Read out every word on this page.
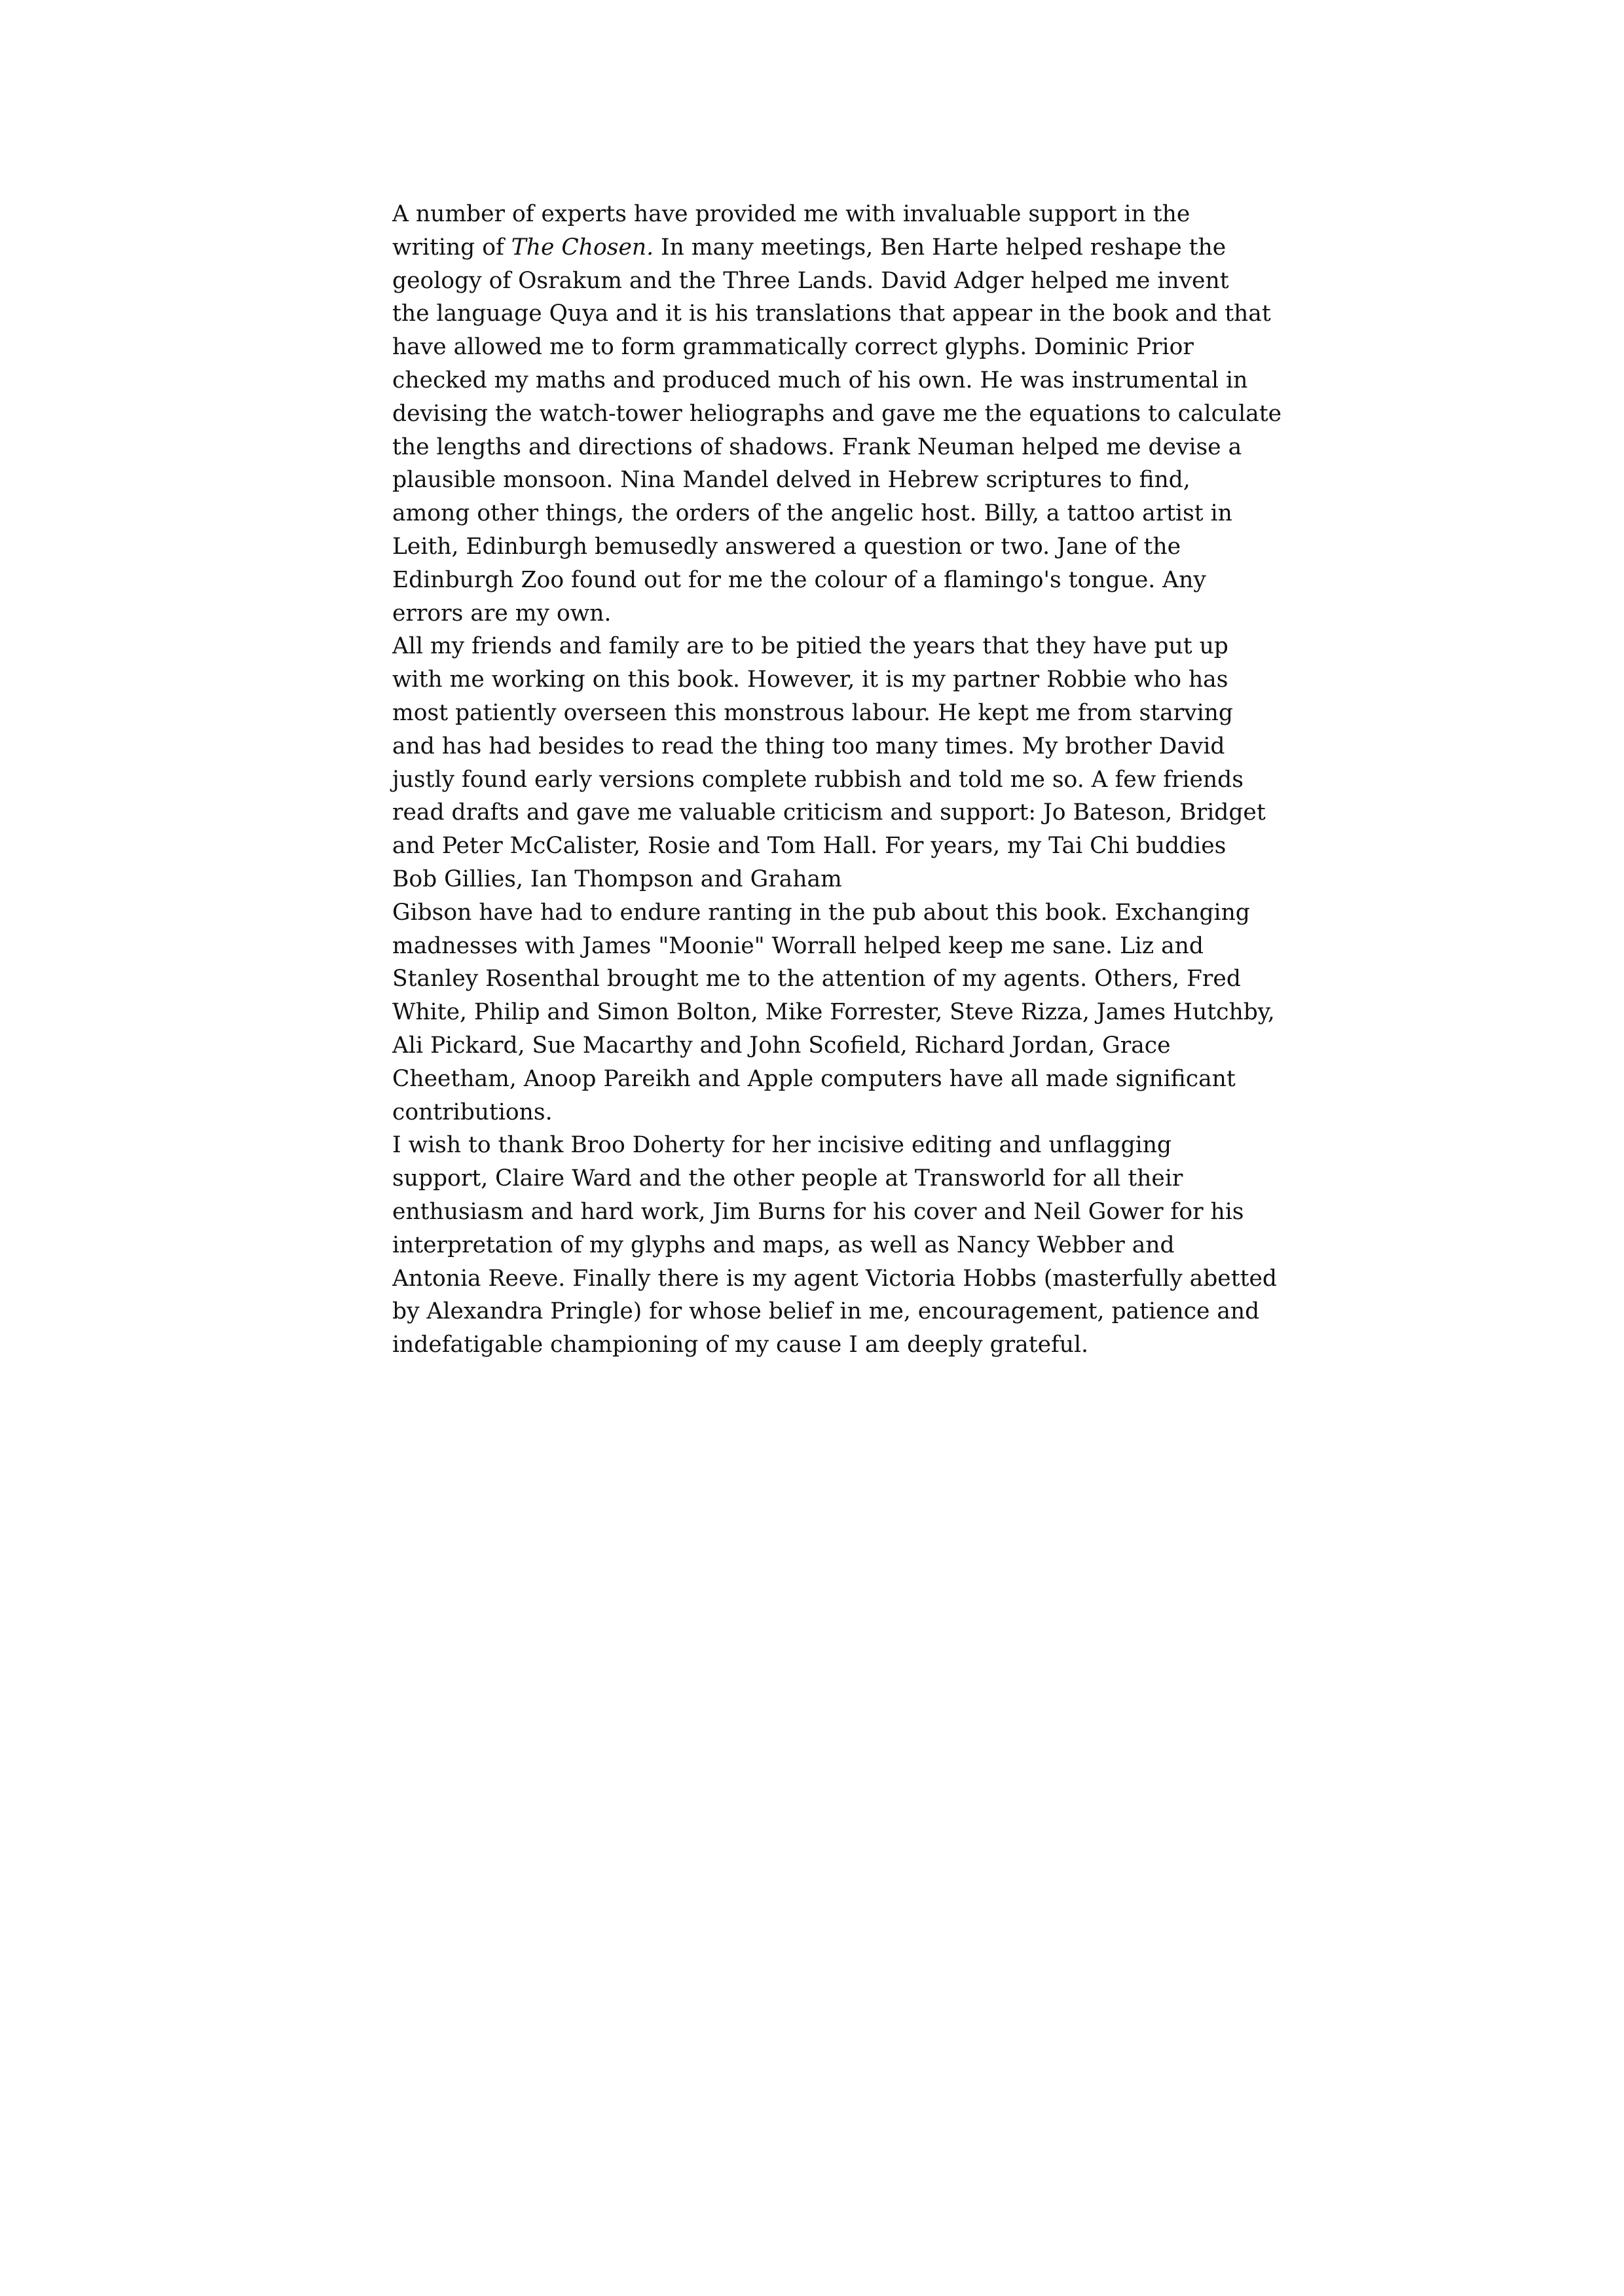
A number of experts have provided me with invaluable support in the
writing of The Chosen. In many meetings, Ben Harte helped reshape the
geology of Osrakum and the Three Lands. David Adger helped me invent
the language Quya and it is his translations that appear in the book and that
have allowed me to form grammatically correct glyphs. Dominic Prior
checked my maths and produced much of his own. He was instrumental in
devising the watch-tower heliographs and gave me the equations to calculate
the lengths and directions of shadows. Frank Neuman helped me devise a
plausible monsoon. Nina Mandel delved in Hebrew scriptures to find,
among other things, the orders of the angelic host. Billy, a tattoo artist in
Leith, Edinburgh bemusedly answered a question or two. Jane of the
Edinburgh Zoo found out for me the colour of a flamingo's tongue. Any
errors are my own.
All my friends and family are to be pitied the years that they have put up
with me working on this book. However, it is my partner Robbie who has
most patiently overseen this monstrous labour. He kept me from starving
and has had besides to read the thing too many times. My brother David
justly found early versions complete rubbish and told me so. A few friends
read drafts and gave me valuable criticism and support: Jo Bateson, Bridget
and Peter McCalister, Rosie and Tom Hall. For years, my Tai Chi buddies
Bob Gillies, Ian Thompson and Graham
Gibson have had to endure ranting in the pub about this book. Exchanging
madnesses with James "Moonie" Worrall helped keep me sane. Liz and
Stanley Rosenthal brought me to the attention of my agents. Others, Fred
White, Philip and Simon Bolton, Mike Forrester, Steve Rizza, James Hutchby,
Ali Pickard, Sue Macarthy and John Scofield, Richard Jordan, Grace
Cheetham, Anoop Pareikh and Apple computers have all made significant
contributions.
I wish to thank Broo Doherty for her incisive editing and unflagging
support, Claire Ward and the other people at Transworld for all their
enthusiasm and hard work, Jim Burns for his cover and Neil Gower for his
interpretation of my glyphs and maps, as well as Nancy Webber and
Antonia Reeve. Finally there is my agent Victoria Hobbs (masterfully abetted
by Alexandra Pringle) for whose belief in me, encouragement, patience and
indefatigable championing of my cause I am deeply grateful.
